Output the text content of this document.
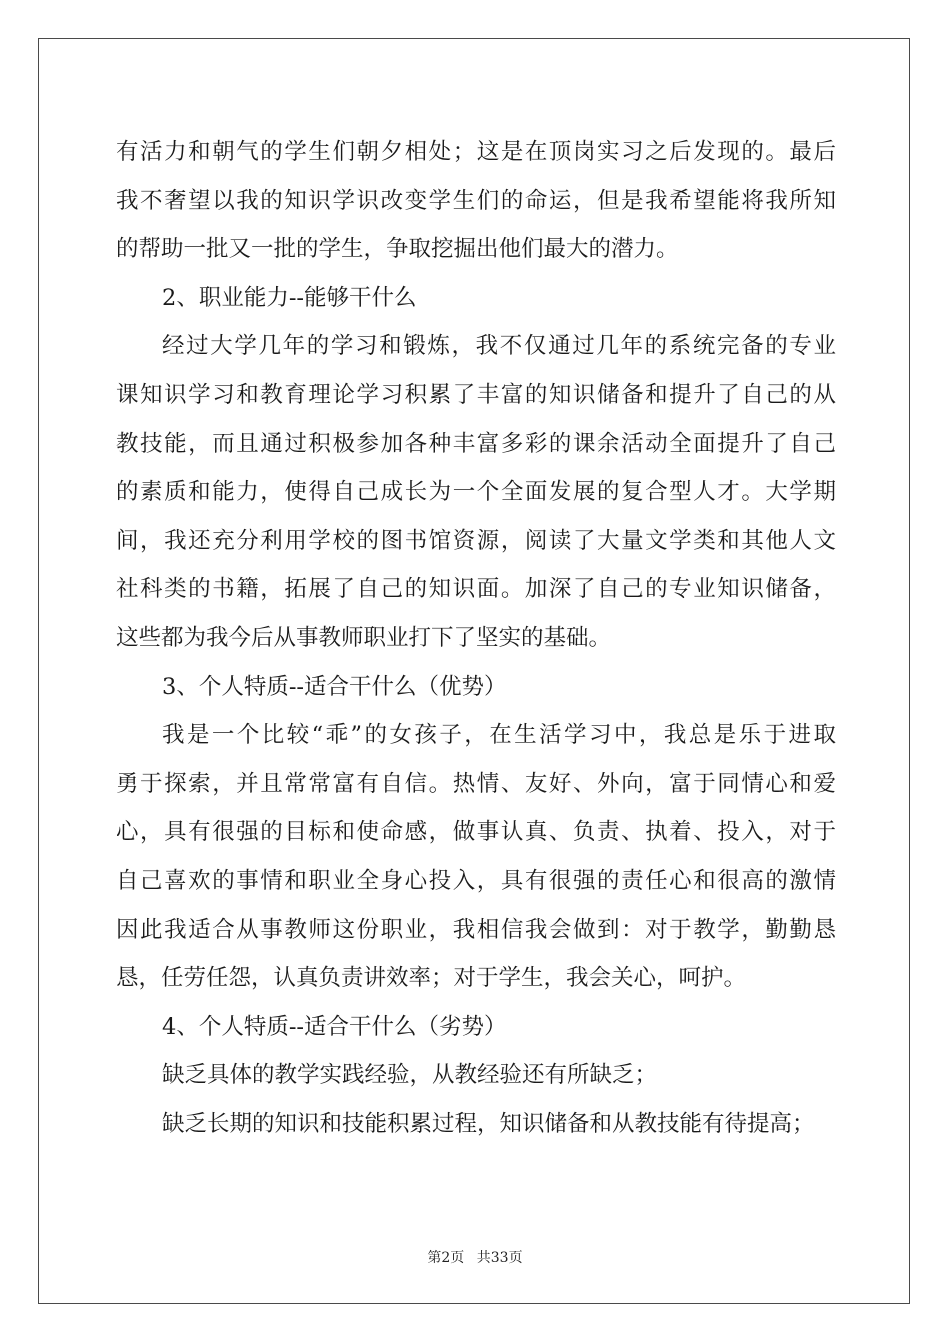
有活力和朝气的学生们朝夕相处；这是在顶岗实习之后发现的。最后
我不奢望以我的知识学识改变学生们的命运，但是我希望能将我所知
的帮助一批又一批的学生，争取挖掘出他们最大的潜力。
2、职业能力--能够干什么
经过大学几年的学习和锻炼，我不仅通过几年的系统完备的专业
课知识学习和教育理论学习积累了丰富的知识储备和提升了自己的从
教技能，而且通过积极参加各种丰富多彩的课余活动全面提升了自己
的素质和能力，使得自己成长为一个全面发展的复合型人才。大学期
间，我还充分利用学校的图书馆资源，阅读了大量文学类和其他人文
社科类的书籍，拓展了自己的知识面。加深了自己的专业知识储备，
这些都为我今后从事教师职业打下了坚实的基础。
3、个人特质--适合干什么（优势）
我是一个比较“乖”的女孩子，在生活学习中，我总是乐于进取
勇于探索，并且常常富有自信。热情、友好、外向，富于同情心和爱
心，具有很强的目标和使命感，做事认真、负责、执着、投入，对于
自己喜欢的事情和职业全身心投入，具有很强的责任心和很高的激情
因此我适合从事教师这份职业，我相信我会做到：对于教学，勤勤恳
恳，任劳任怨，认真负责讲效率；对于学生，我会关心，呵护。
4、个人特质--适合干什么（劣势）
缺乏具体的教学实践经验，从教经验还有所缺乏；
缺乏长期的知识和技能积累过程，知识储备和从教技能有待提高；
第2页 共33页
